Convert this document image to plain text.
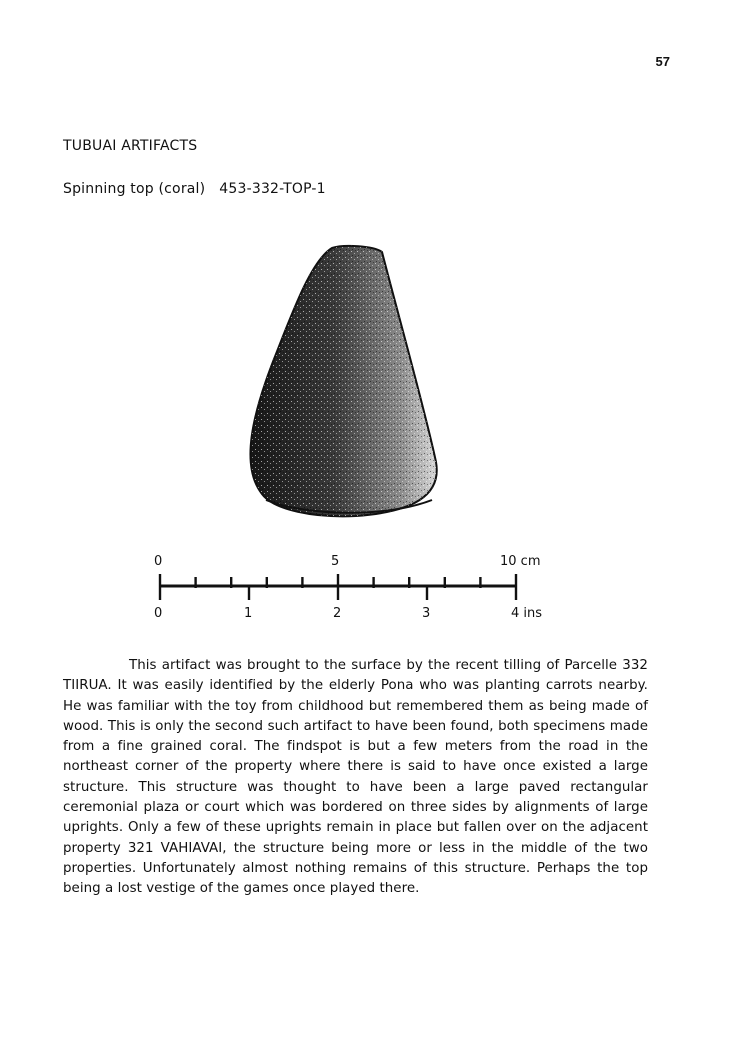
57
TUBUAI ARTIFACTS
Spinning top (coral) 453-332-TOP-1
0	5	10 cm
0	1	2	3	4 ins
This artifact was brought to the surface by the recent tilling of Parcelle 332 TIIRUA. It was easily identified by the elderly Pona who was planting carrots nearby. He was familiar with the toy from childhood but remembered them as being made of wood. This is only the second such artifact to have been found, both specimens made from a fine grained coral. The findspot is but a few meters from the road in the northeast corner of the property where there is said to have once existed a large structure. This structure was thought to have been a large paved rectangular ceremonial plaza or court which was bordered on three sides by alignments of large uprights. Only a few of these uprights remain in place but fallen over on the adjacent property 321 VAHIAVAI, the structure being more or less in the middle of the two properties. Unfortunately almost nothing remains of this structure. Perhaps the top being a lost vestige of the games once played there.
